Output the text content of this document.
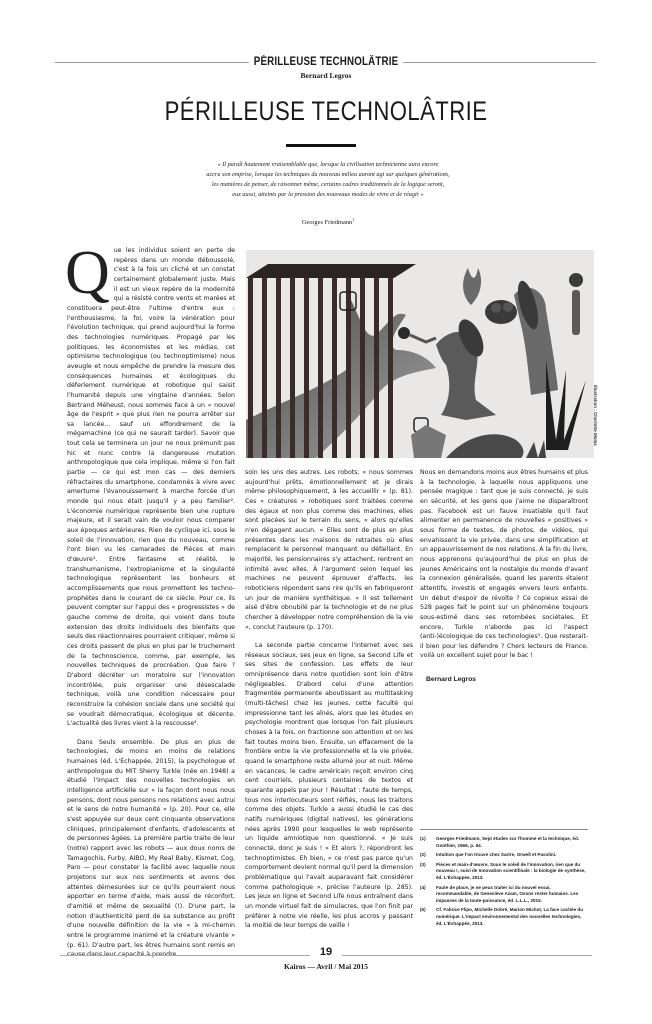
PÉRILLEUSE TECHNOLÂTRIE
Bernard Legros
PÉRILLEUSE TECHNOLÂTRIE
« Il paraît hautement vraisemblable que, lorsque la civilisation technicienne aura encore
accru son emprise, lorsque les techniques du nouveau milieu auront agi sur quelques générations,
les manières de penser, de raisonner même, certains cadres traditionnels de la logique seront,
eux aussi, atteints par la pression des nouveaux modes de vivre et de réagir »
Georges Friedmann$^1$

Que les individus soient en perte de repères dans un monde déboussolé, c'est à la fois un cliché et un constat certainement globalement juste. Mais il est un vieux repère de la modernité qui a résisté contre vents et marées et constituera peut-être l'ultime d'entre eux : l'enthousiasme, la foi, voire la vénération pour l'évolution technique, qui prend aujourd'hui la forme des technologies numériques. Propagé par les politiques, les économistes et les médias, cet optimisme technologique (ou technoptimisme) nous aveugle et nous empêche de prendre la mesure des conséquences humaines et écologiques du déferlement numérique et robotique qui saisit l'humanité depuis une vingtaine d'années. Selon Bertrand Méheust, nous sommes face à un « nouvel âge de l'esprit » que plus rien ne pourra arrêter sur sa lancée... sauf un effondrement de la mégamachine (ce qui ne saurait tarder). Savoir que tout cela se terminera un jour ne nous prémunit pas hic et nunc contre la dangereuse mutation anthropologique que cela implique, même si l'on fait partie — ce qui est mon cas — des derniers réfractaires du smartphone, condamnés à vivre avec amertume l'évanouissement à marche forcée d'un monde qui nous était jusqu'il y a peu familier². L'économie numérique représente bien une rupture majeure, et il serait vain de vouloir nous comparer aux époques antérieures. Rien de cyclique ici, sous le soleil de l'innovation, rien que du nouveau, comme l'ont bien vu les camarades de Pièces et main d'œuvre³. Entre fantasme et réalité, le transhumanisme, l'extropianisme et la singularité technologique représentent les bonheurs et accomplissements que nous promettent les techno-prophètes dans le courant de ce siècle. Pour ce, ils peuvent compter sur l'appui des « progressistes » de gauche comme de droite, qui voient dans toute extension des droits individuels des bienfaits que seuls des réactionnaires pourraient critiquer, même si ces droits passent de plus en plus par le truchement de la technoscience, comme, par exemple, les nouvelles techniques de procréation. Que faire ? D'abord décréter un moratoire sur l'innovation incontrôlée, puis organiser une désescalade technique, voilà une condition nécessaire pour reconstruire la cohésion sociale dans une société qui se voudrait démocratique, écologique et décente. L'actualité des livres vient à la rescousse⁴.

Dans Seuls ensemble. De plus en plus de technologies, de moins en moins de relations humaines (éd. L'Échappée, 2015), la psychologue et anthropologue du MIT Sherry Turkle (née en 1948) a étudié l'impact des nouvelles technologies en intelligence artificielle sur « la façon dont nous nous pensons, dont nous pensons nos relations avec autrui et le sens de notre humanité » (p. 20). Pour ce, elle s'est appuyée sur deux cent cinquante observations cliniques, principalement d'enfants, d'adolescents et de personnes âgées. La première partie traite de leur (notre) rapport avec les robots — aux doux noms de Tamagochis, Furby, AIBO, My Real Baby, Kismet, Cog, Paro — pour constater la facilité avec laquelle nous projetons sur eux nos sentiments et avons des attentes démesurées sur ce qu'ils pourraient nous apporter en terme d'aide, mais aussi de réconfort, d'amitié et même de sexualité (!). D'une part, la notion d'authenticité perd de sa substance au profit d'une nouvelle définition de la vie « à mi-chemin entre le programme inanimé et la créature vivante » (p. 61). D'autre part, les êtres humains sont remis en

Illustration : Charlotte Molas

soin les uns des autres. Les robots, « nous sommes aujourd'hui prêts, émotionnellement et je dirais même philosophiquement, à les accueillir » (p. 81). Ces « créatures » robotiques sont traitées comme des égaux et non plus comme des machines, elles sont placées sur le terrain du sens, « alors qu'elles n'en dégagent aucun. » Elles sont de plus en plus présentes dans les maisons de retraites où elles remplacent le personnel manquant ou défaillant. En majorité, les pensionnaires s'y attachent, rentrent en intimité avec elles. À l'argument selon lequel les machines ne peuvent éprouver d'affects, les roboticiens répondent sans rire qu'ils en fabriqueront un jour de manière synthétique. « Il est tellement aisé d'être obnubilé par la technologie et de ne plus chercher à développer notre compréhension de la vie », conclut l'auteure (p. 170).

La seconde partie concerne l'internet avec ses réseaux sociaux, ses jeux en ligne, sa Second Life et ses sites de confession. Les effets de leur omniprésence dans notre quotidien sont loin d'être négligeables. D'abord celui d'une attention fragmentée permanente aboutissant au multitasking (multi-tâches) chez les jeunes, cette faculté qui impressionne tant les aînés, alors que les études en psychologie montrent que lorsque l'on fait plusieurs choses à la fois, on fractionne son attention et on les fait toutes moins bien. Ensuite, un effacement de la frontière entre la vie professionnelle et la vie privée, quand le smartphone reste allumé jour et nuit. Même en vacances, le cadre américain reçoit environ cinq cent courriels, plusieurs centaines de textos et quarante appels par jour ! Résultat : faute de temps, tous nos interlocuteurs sont réifiés, nous les traitons comme des objets. Turkle a aussi étudié le cas des natifs numériques (digital natives), les générations nées après 1990 pour lesquelles le web représente un liquide amniotique non questionné. « Je suis connecté, donc je suis ! » Et alors ?, répondront les technoptimistes. Eh bien, « ce n'est pas parce qu'un comportement devient normal qu'il perd la dimension problématique qui l'avait auparavant fait considérer comme pathologique », précise l'auteure (p. 285). Les jeux en ligne et Second Life nous entraînent dans un monde virtuel fait de simulacres, que l'on finit par préférer à notre vie réelle, les plus accros y passant la moitié de leur temps de veille !

Nous en demandons moins aux êtres humains et plus à la technologie, à laquelle nous appliquons une pensée magique : tant que je suis connecté, je suis en sécurité, et les gens que j'aime ne disparaîtront pas. Facebook est un fauve insatiable qu'il faut alimenter en permanence de nouvelles « positives » sous forme de textes, de photos, de vidéos, qui envahissent la vie privée, dans une simplification et un appauvrissement de nos relations. À la fin du livre, nous apprenons qu'aujourd'hui de plus en plus de jeunes Américains ont la nostalgie du monde d'avant la connexion généralisée, quand les parents étaient attentifs, investis et engagés envers leurs enfants. Un début d'espoir de révolte ? Ce copieux essai de 528 pages fait le point sur un phénomène toujours sous-estimé dans ses retombées sociétales. Et encore, Turkle n'aborde pas ici l'aspect (anti-)écologique de ces technologies⁵. Que resterait-il bien pour les défendre ? Chers lecteurs de France, voilà un excellent sujet pour le bac !

Bernard Legros
(1)	Georges Friedmann, Sept études sur l'homme et la technique, éd. Gonthier, 1966, p. 64.
(2)	Intuition que l'on trouve chez Sartre, Orwell et Pasolini.
(3)	Pièces et main-d'œuvre, Sous le soleil de l'innovation, rien que du nouveau !, suivi de Innovation scientifinale : la biologie de synthèse, éd. L'Échappée, 2013.
(4)	Faute de place, je ne peux traiter ici du nouvel essai, recommandable, de Geneviève Azam, Osons rester humains. Les impasses de la toute-puissance, éd. L.L.L., 2015.
(5)	Cf. Fabrice Flipo, Michelle Dobré, Marion Michot, La face cachée du numérique. L'impact environnemental des nouvelles technologies, éd. L'Échappée, 2013.
19
Kairos — Avril / Mai 2015
